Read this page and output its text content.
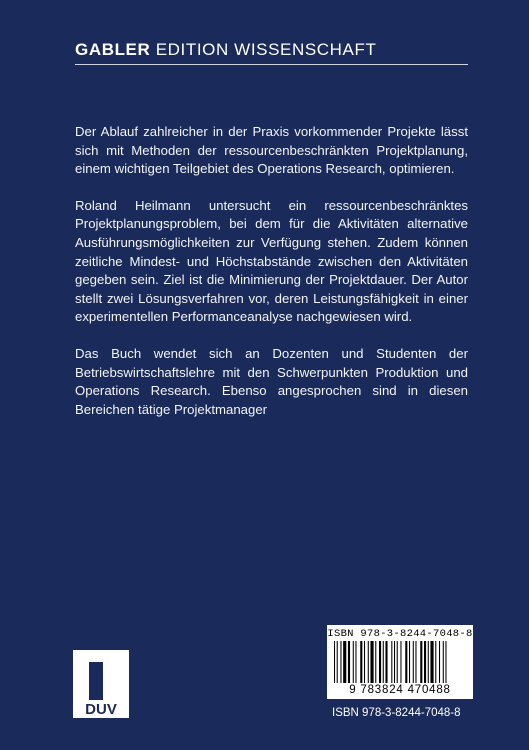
GABLER EDITION WISSENSCHAFT

Der Ablauf zahlreicher in der Praxis vorkommender Projekte lässt sich mit Methoden der ressourcenbeschränkten Projektplanung, einem wichtigen Teilgebiet des Operations Research, optimieren.

Roland Heilmann untersucht ein ressourcenbeschränktes Projektplanungsproblem, bei dem für die Aktivitäten alternative Ausführungsmöglichkeiten zur Verfügung stehen. Zudem können zeitliche Mindest- und Höchstabstände zwischen den Aktivitäten gegeben sein. Ziel ist die Minimierung der Projektdauer. Der Autor stellt zwei Lösungsverfahren vor, deren Leistungsfähigkeit in einer experimentellen Performanceanalyse nachgewiesen wird.

Das Buch wendet sich an Dozenten und Studenten der Betriebswirtschaftslehre mit den Schwerpunkten Produktion und Operations Research. Ebenso angesprochen sind in diesen Bereichen tätige Projektmanager

DUV
ISBN 978-3-8244-7048-8
9 783824 470488
ISBN 978-3-8244-7048-8
